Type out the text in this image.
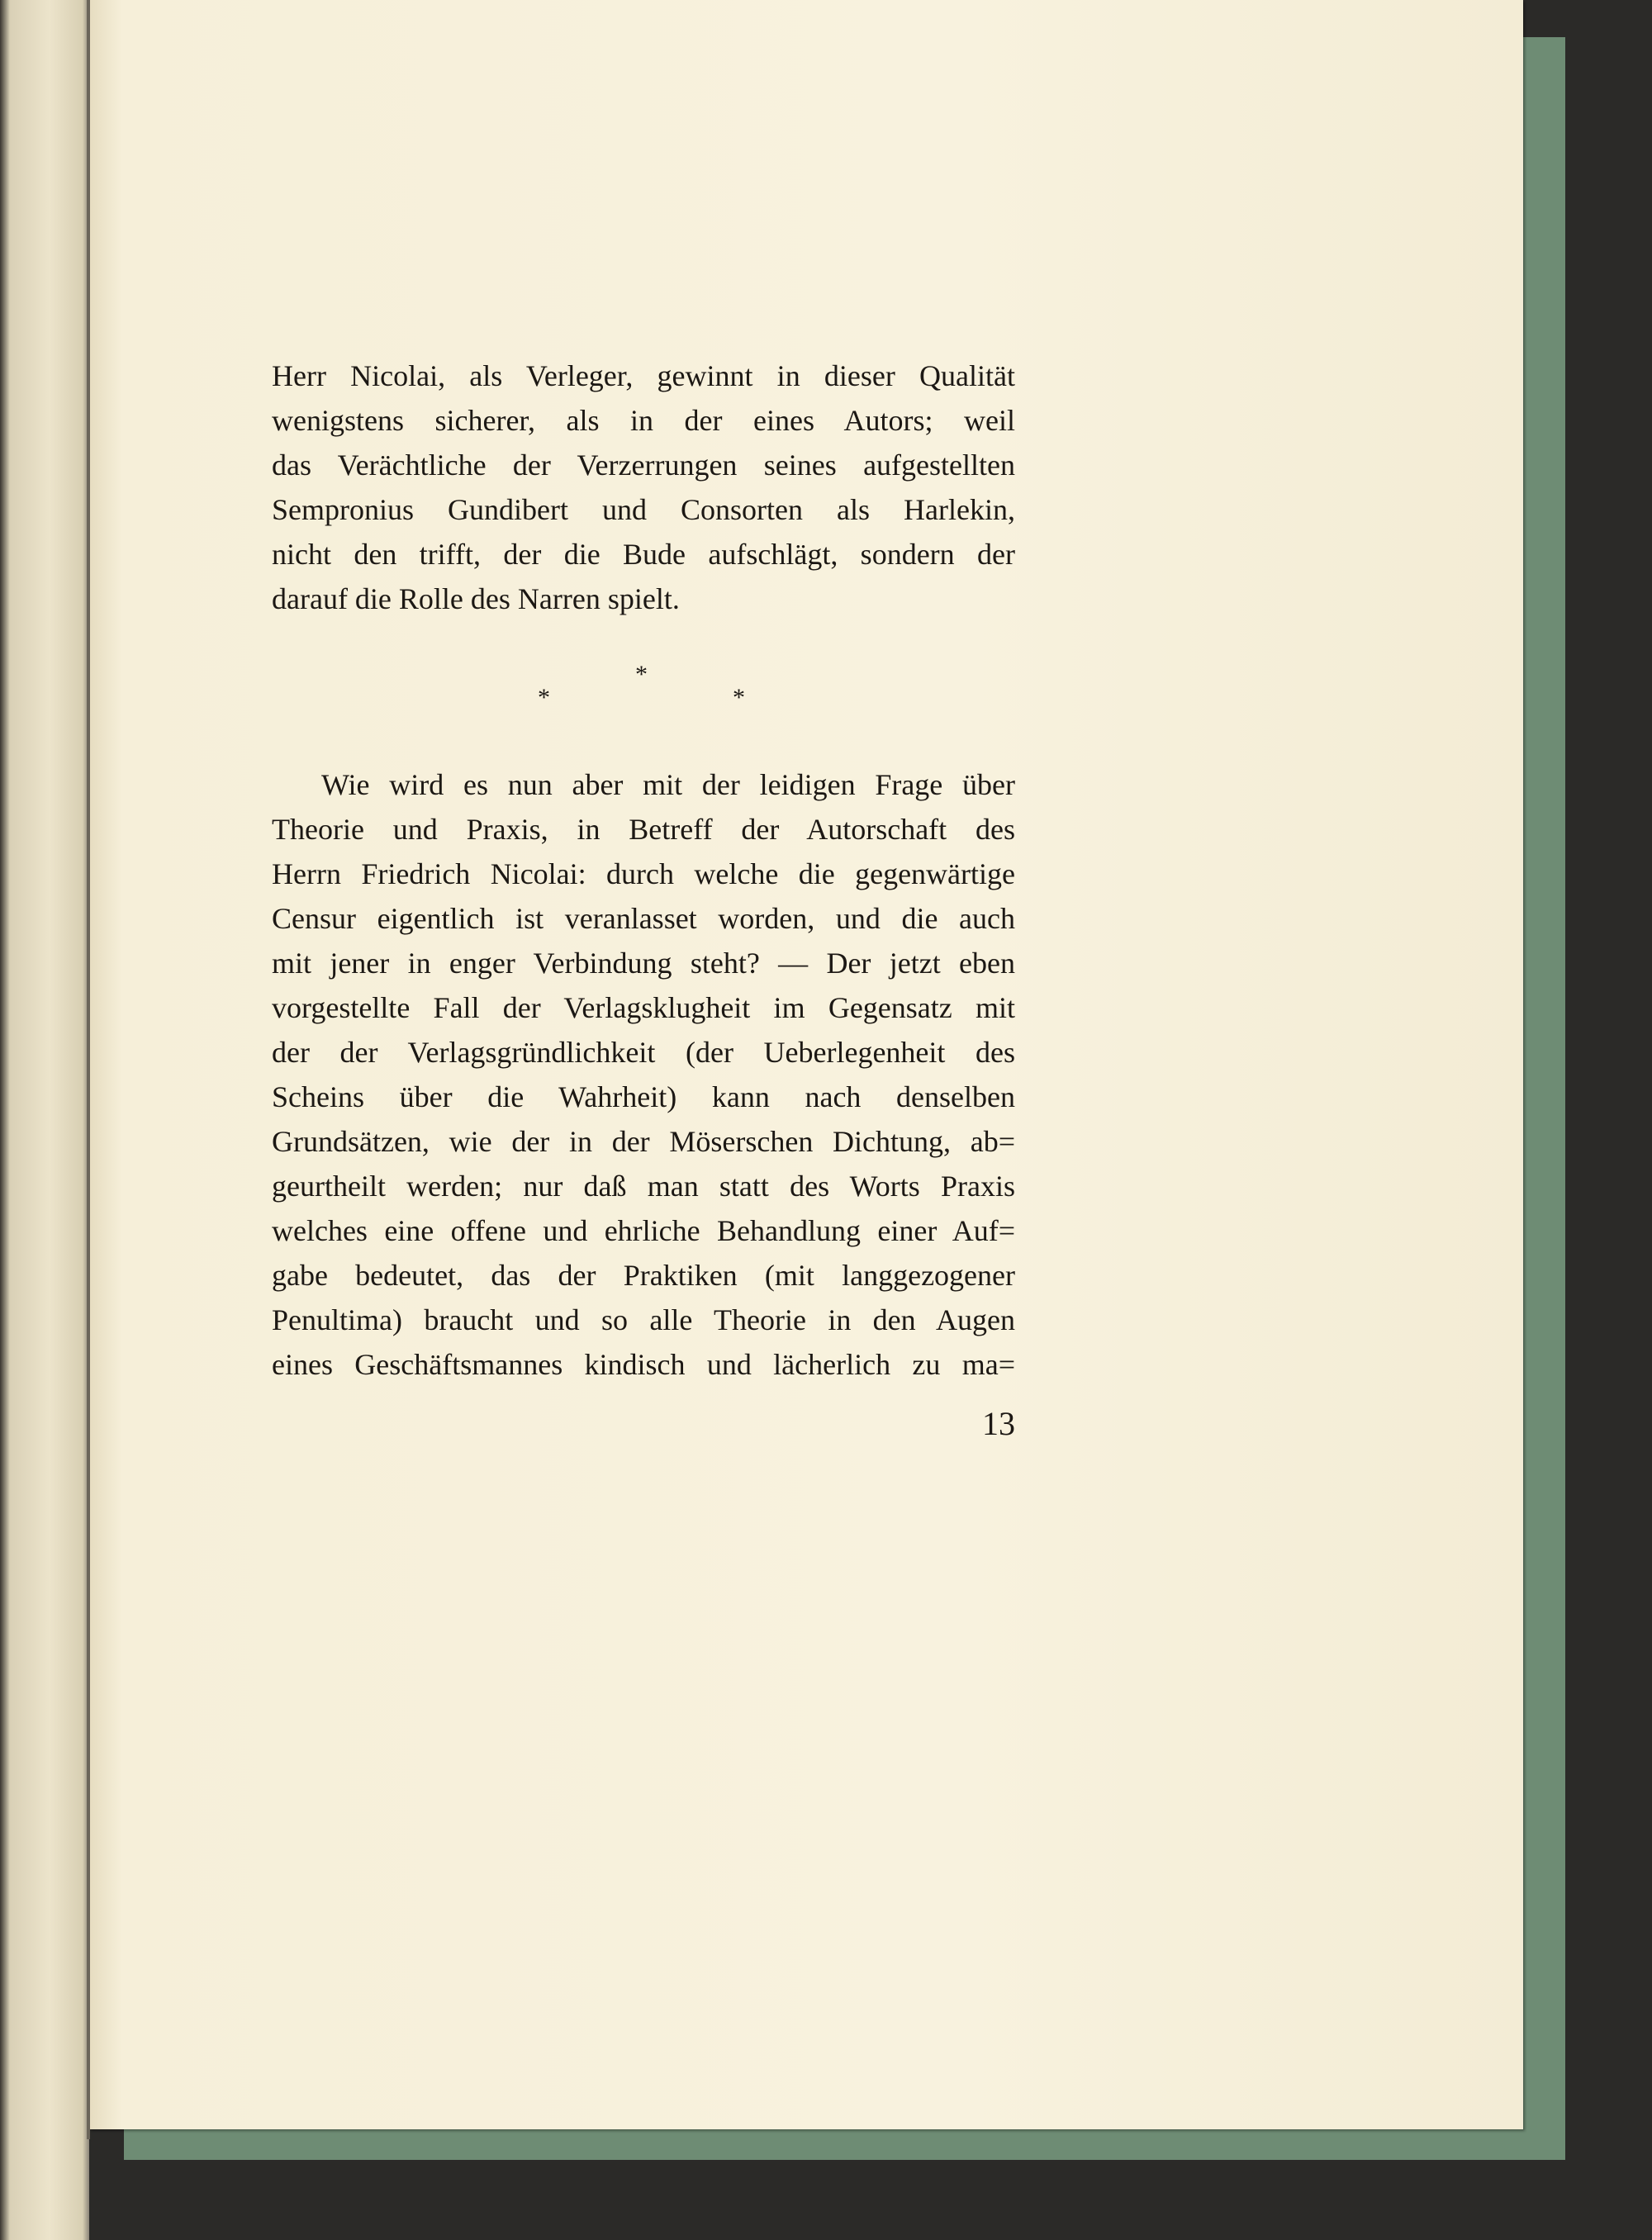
Herr Nicolai, als Verleger, gewinnt in dieser Qualität
wenigstens sicherer, als in der eines Autors; weil
das Verächtliche der Verzerrungen seines aufgestellten
Sempronius Gundibert und Consorten als Harlekin,
nicht den trifft, der die Bude aufschlägt, sondern der
darauf die Rolle des Narren spielt.
*
*	*
Wie wird es nun aber mit der leidigen Frage über
Theorie und Praxis, in Betreff der Autorschaft des
Herrn Friedrich Nicolai: durch welche die gegenwärtige
Censur eigentlich ist veranlasset worden, und die auch
mit jener in enger Verbindung steht? — Der jetzt eben
vorgestellte Fall der Verlagsklugheit im Gegensatz mit
der der Verlagsgründlichkeit (der Ueberlegenheit des
Scheins über die Wahrheit) kann nach denselben
Grundsätzen, wie der in der Möserschen Dichtung, ab=
geurtheilt werden; nur daß man statt des Worts Praxis
welches eine offene und ehrliche Behandlung einer Auf=
gabe bedeutet, das der Praktiken (mit langgezogener
Penultima) braucht und so alle Theorie in den Augen
eines Geschäftsmannes kindisch und lächerlich zu ma=
13
